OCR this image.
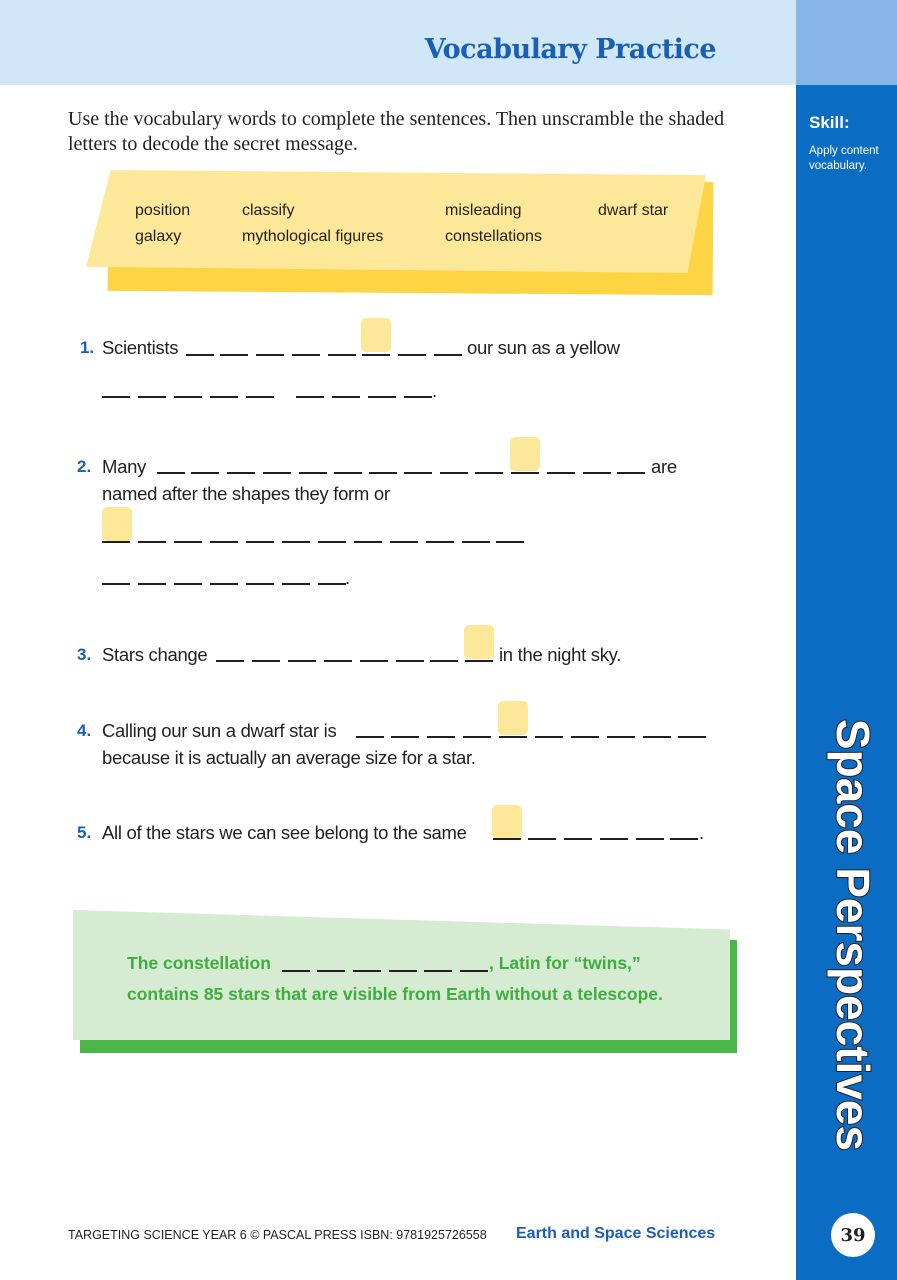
Vocabulary Practice
Skill:
Apply content vocabulary.
Space Perspectives
39
Use the vocabulary words to complete the sentences. Then unscramble the shaded letters to decode the secret message.
position	classify	misleading	dwarf star
galaxy	mythological figures	constellations
1. Scientists	our sun as a yellow
.
2. Many	are
named after the shapes they form or
.
3. Stars change	in the night sky.
4. Calling our sun a dwarf star is
because it is actually an average size for a star.
5. All of the stars we can see belong to the same	.
The constellation	, Latin for “twins,”
contains 85 stars that are visible from Earth without a telescope.
TARGETING SCIENCE YEAR 6 © PASCAL PRESS ISBN: 9781925726558 Earth and Space Sciences
